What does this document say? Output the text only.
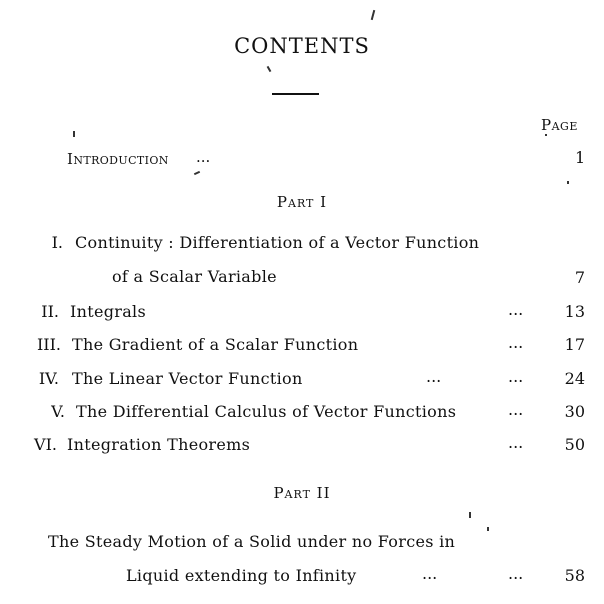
CONTENTS
Page
Introduction ...	1
Part I
I. Continuity : Differentiation of a Vector Function
of a Scalar Variable	7
II. Integrals	...	13
III. The Gradient of a Scalar Function	...	17
IV. The Linear Vector Function	...	...	24
V. The Differential Calculus of Vector Functions	...	30
VI. Integration Theorems	...	50
Part II
The Steady Motion of a Solid under no Forces in
Liquid extending to Infinity	...	...	58
